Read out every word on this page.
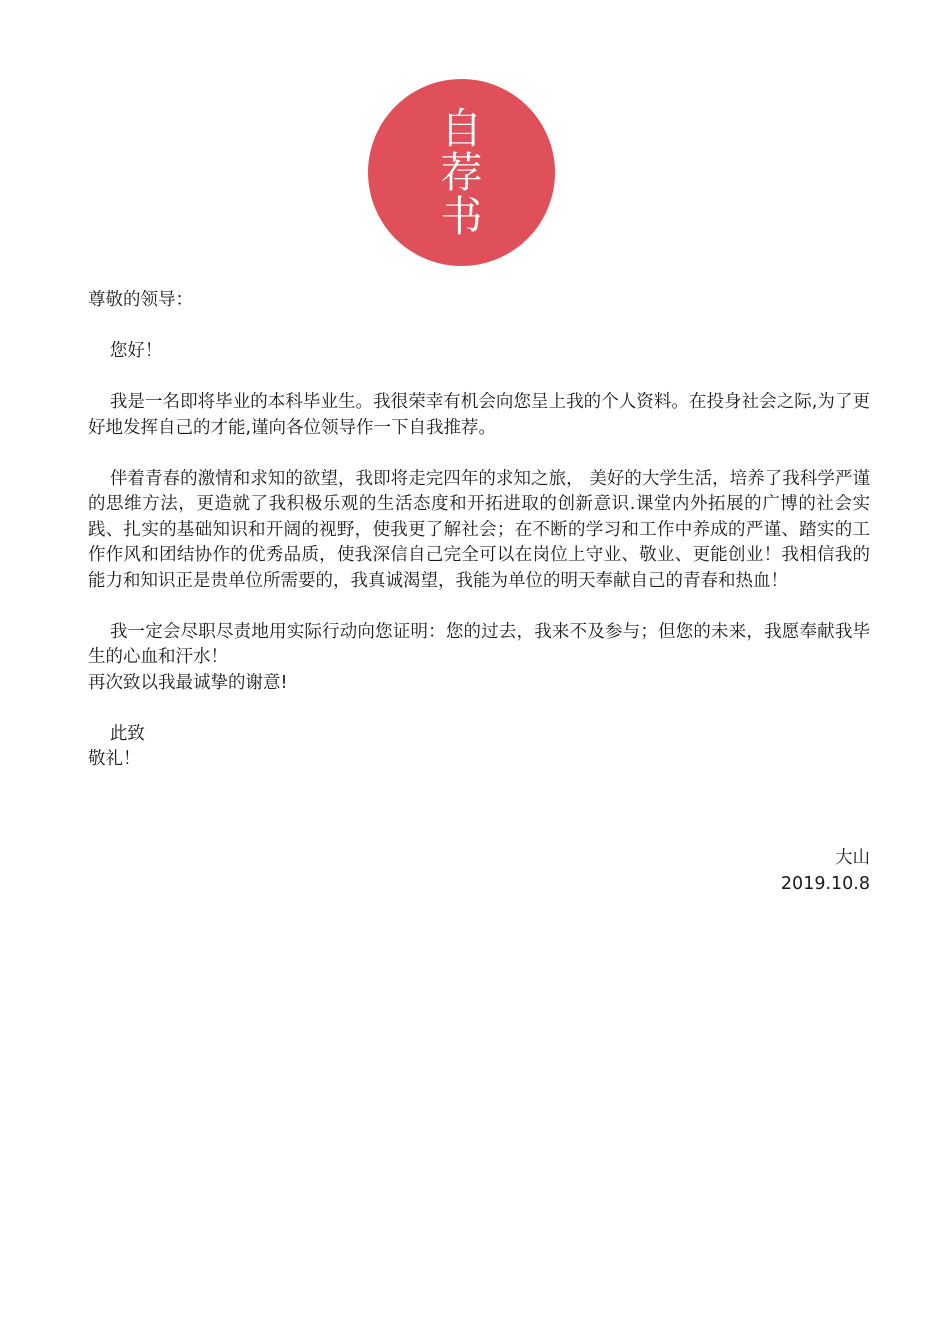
自
荐
书

尊敬的领导：

您好！

我是一名即将毕业的本科毕业生。我很荣幸有机会向您呈上我的个人资料。在投身社会之际,为了更好地发挥自己的才能,谨向各位领导作一下自我推荐。

伴着青春的激情和求知的欲望，我即将走完四年的求知之旅， 美好的大学生活，培养了我科学严谨的思维方法，更造就了我积极乐观的生活态度和开拓进取的创新意识.课堂内外拓展的广博的社会实践、扎实的基础知识和开阔的视野，使我更了解社会；在不断的学习和工作中养成的严谨、踏实的工作作风和团结协作的优秀品质，使我深信自己完全可以在岗位上守业、敬业、更能创业！我相信我的能力和知识正是贵单位所需要的，我真诚渴望，我能为单位的明天奉献自己的青春和热血！

我一定会尽职尽责地用实际行动向您证明：您的过去，我来不及参与；但您的未来，我愿奉献我毕生的心血和汗水！

再次致以我最诚挚的谢意!

此致

敬礼！

大山
2019.10.8
